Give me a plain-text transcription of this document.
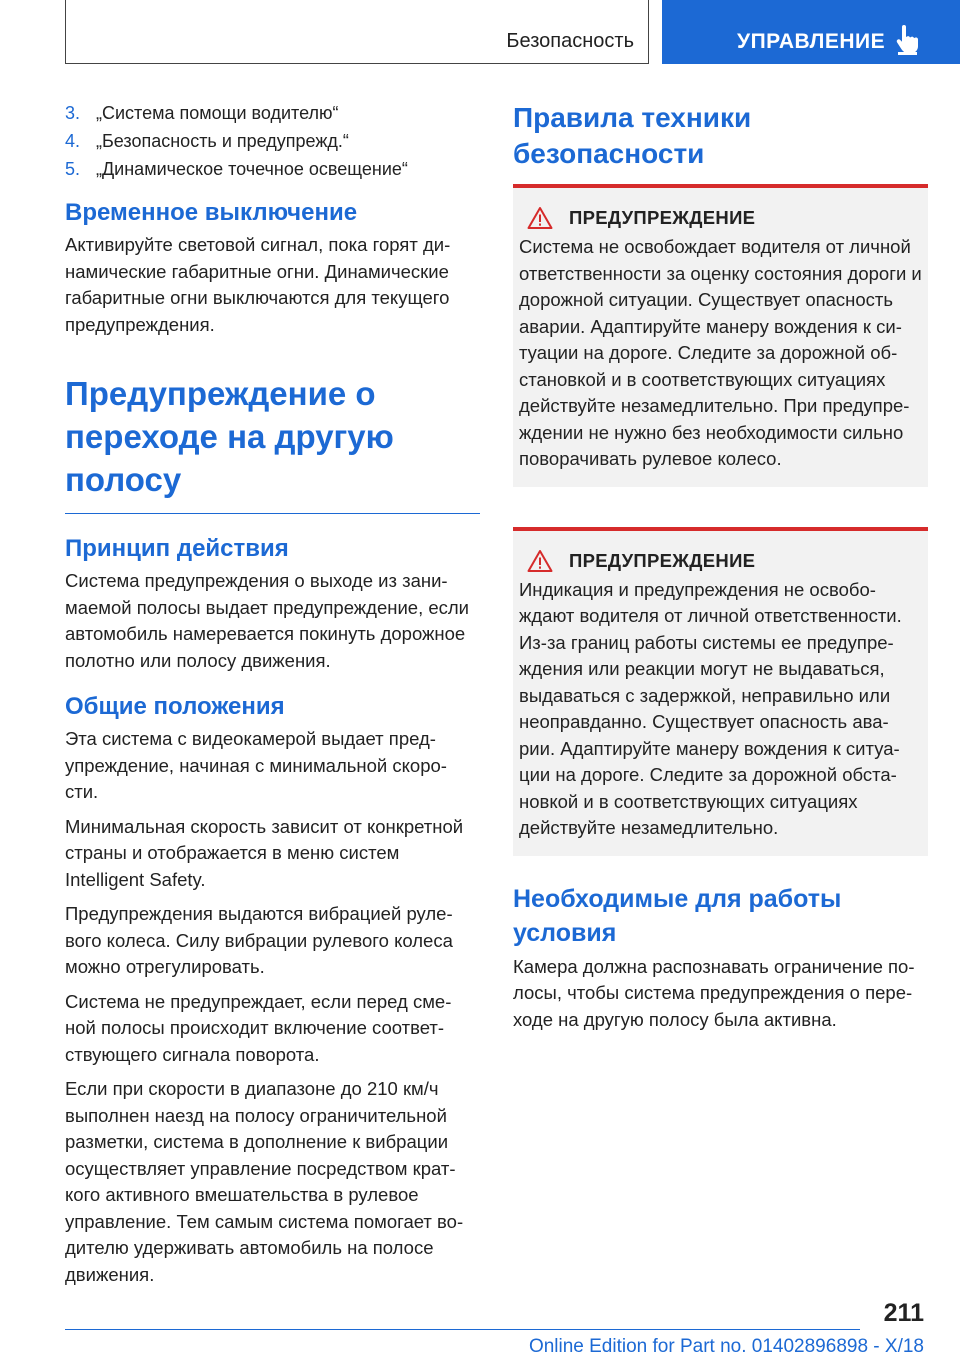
Безопасность	УПРАВЛЕНИЕ
3. „Система помощи водителю“
4. „Безопасность и предупрежд.“
5. „Динамическое точечное освещение“
Временное выключение

Активируйте световой сигнал, пока горят ди-намические габаритные огни. Динамические габаритные огни выключаются для текущего предупреждения.

Предупреждение о переходе на другую полосу
Принцип действия

Система предупреждения о выходе из зани-маемой полосы выдает предупреждение, если автомобиль намеревается покинуть дорожное полотно или полосу движения.

Общие положения

Эта система с видеокамерой выдает пред-упреждение, начиная с минимальной скоро-сти.

Минимальная скорость зависит от конкретной страны и отображается в меню систем Intelligent Safety.

Предупреждения выдаются вибрацией руле-вого колеса. Силу вибрации рулевого колеса можно отрегулировать.

Система не предупреждает, если перед сме-ной полосы происходит включение соответ-ствующего сигнала поворота.

Если при скорости в диапазоне до 210 км/ч выполнен наезд на полосу ограничительной разметки, система в дополнение к вибрации осуществляет управление посредством крат-кого активного вмешательства в рулевое управление. Тем самым система помогает во-дителю удерживать автомобиль на полосе движения.

Правила техники безопасности
ПРЕДУПРЕЖДЕНИЕ

Система не освобождает водителя от личной ответственности за оценку состояния дороги и дорожной ситуации. Существует опасность аварии. Адаптируйте манеру вождения к си-туации на дороге. Следите за дорожной об-становкой и в соответствующих ситуациях действуйте незамедлительно. При предупре-ждении не нужно без необходимости сильно поворачивать рулевое колесо.

ПРЕДУПРЕЖДЕНИЕ

Индикация и предупреждения не освобо-ждают водителя от личной ответственности. Из-за границ работы системы ее предупре-ждения или реакции могут не выдаваться, выдаваться с задержкой, неправильно или неоправданно. Существует опасность ава-рии. Адаптируйте манеру вождения к ситуа-ции на дороге. Следите за дорожной обста-новкой и в соответствующих ситуациях действуйте незамедлительно.

Необходимые для работы условия

Камера должна распознавать ограничение по-лосы, чтобы система предупреждения о пере-ходе на другую полосу была активна.

211
Online Edition for Part no. 01402896898 - X/18
